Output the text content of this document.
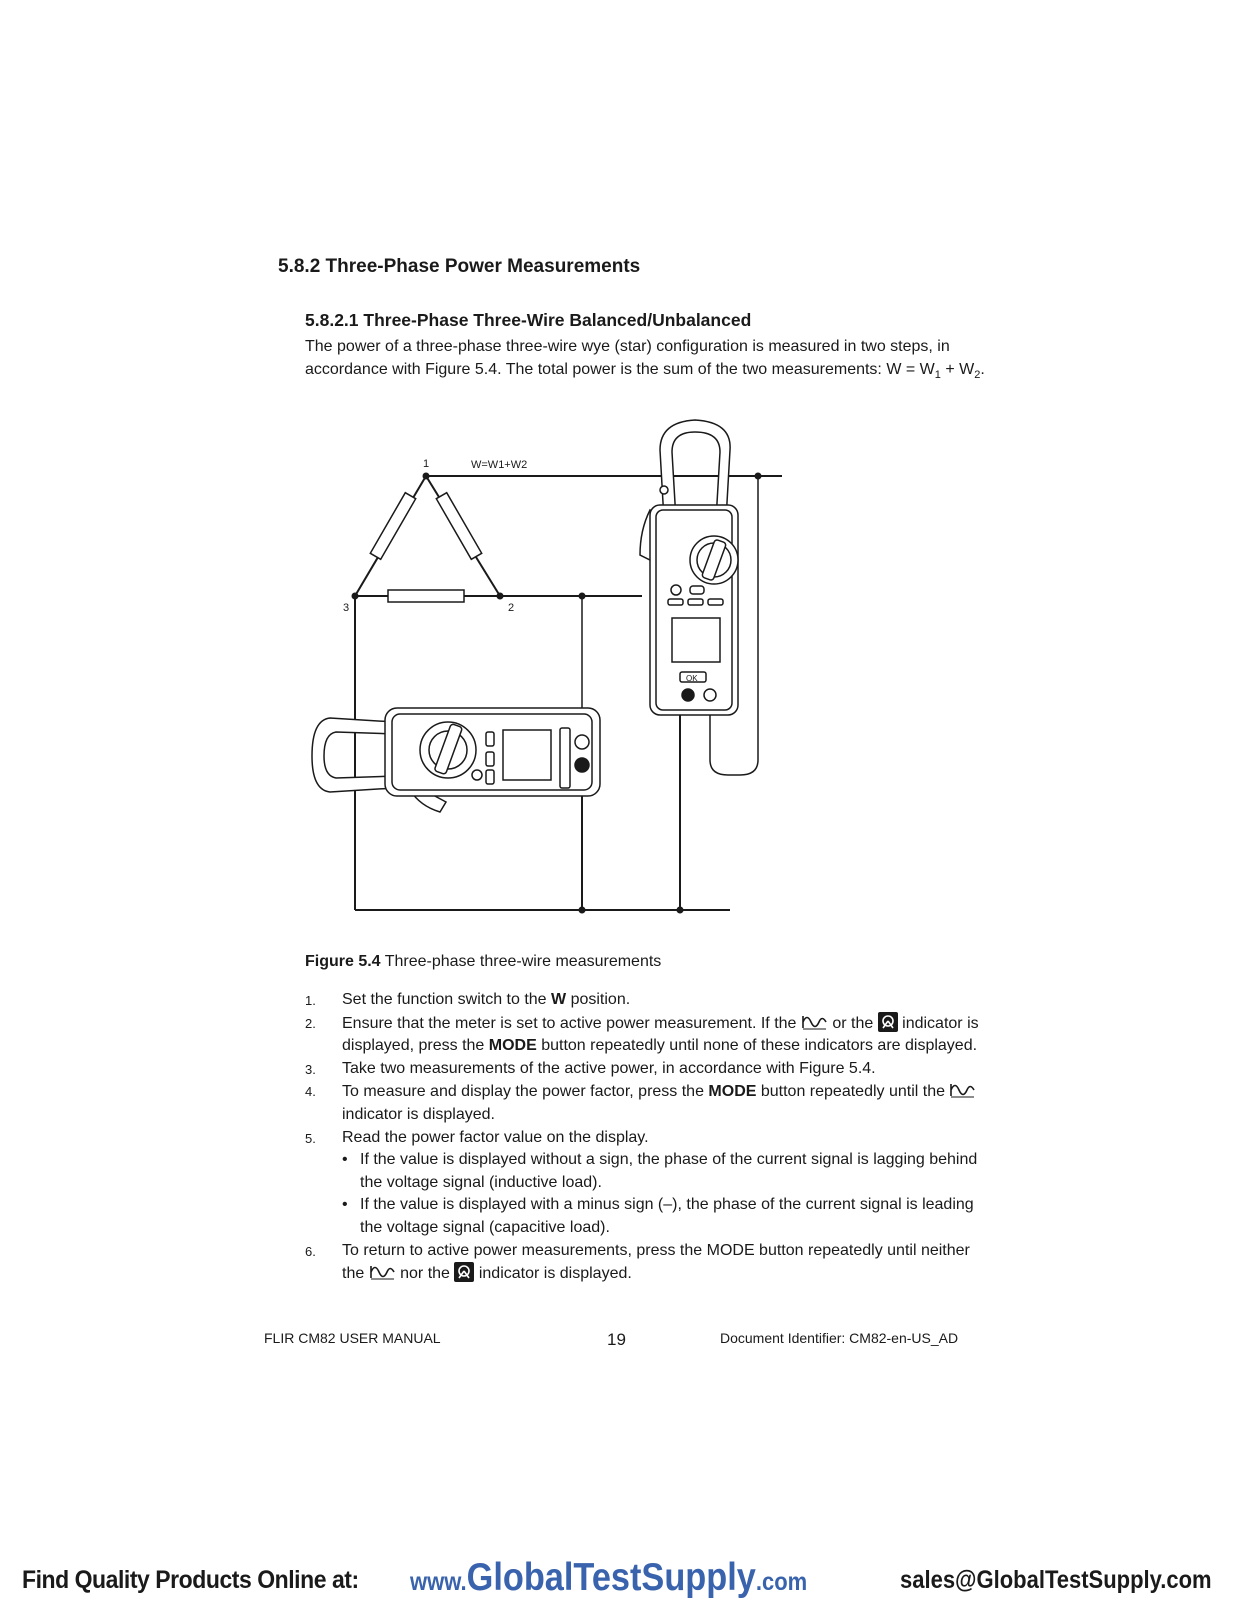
5.8.2 Three-Phase Power Measurements
5.8.2.1 Three-Phase Three-Wire Balanced/Unbalanced
The power of a three-phase three-wire wye (star) configuration is measured in two steps, in accordance with Figure 5.4. The total power is the sum of the two measurements: $W = W_1 + W_2$.
1
3	2
W=W1+W2
OK
Figure 5.4 Three-phase three-wire measurements
1. Set the function switch to the W position.
2. Ensure that the meter is set to active power measurement. If the  or the  indicator is displayed, press the MODE button repeatedly until none of these indicators are displayed.
3. Take two measurements of the active power, in accordance with Figure 5.4.
4. To measure and display the power factor, press the MODE button repeatedly until the  indicator is displayed.
5. Read the power factor value on the display.
• If the value is displayed without a sign, the phase of the current signal is lagging behind the voltage signal (inductive load).
• If the value is displayed with a minus sign (–), the phase of the current signal is leading the voltage signal (capacitive load).
6. To return to active power measurements, press the MODE button repeatedly until neither the  nor the  indicator is displayed.
FLIR CM82 USER MANUAL	19	Document Identifier: CM82-en-US_AD
Find Quality Products Online at: www.GlobalTestSupply.com	sales@GlobalTestSupply.com
